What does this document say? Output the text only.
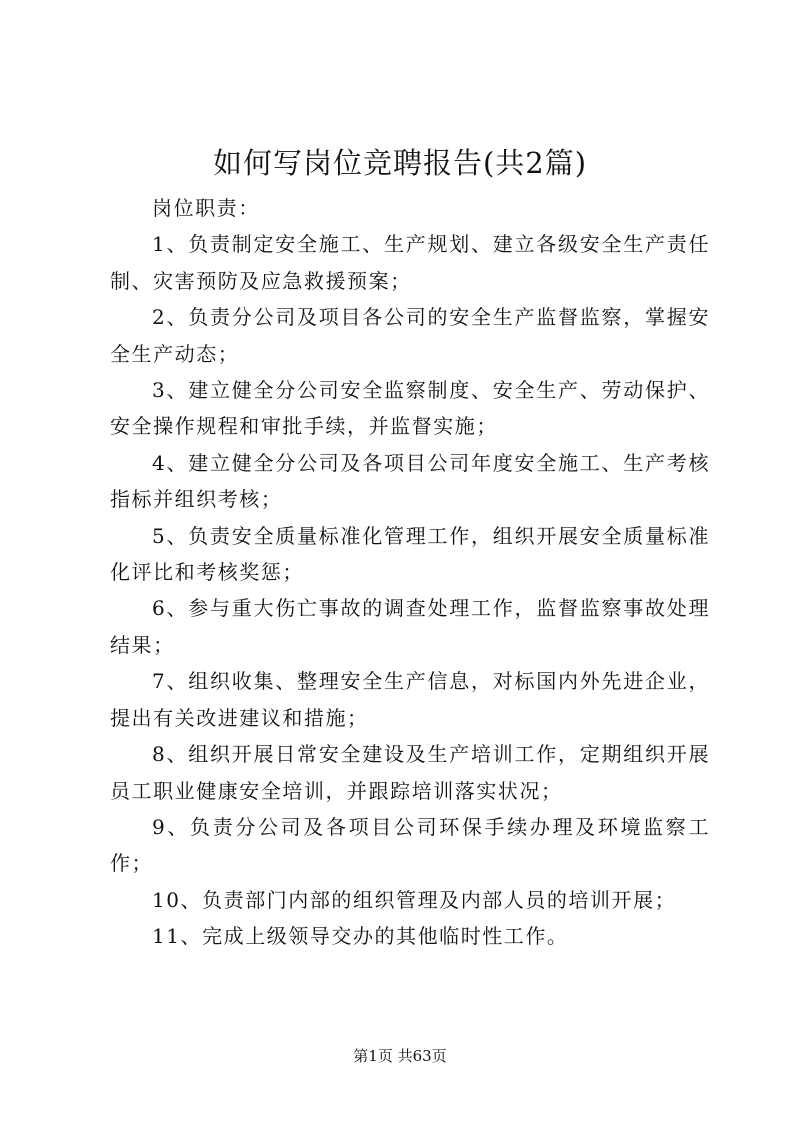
如何写岗位竞聘报告(共2篇)

岗位职责：

1、负责制定安全施工、生产规划、建立各级安全生产责任制、灾害预防及应急救援预案；

2、负责分公司及项目各公司的安全生产监督监察，掌握安全生产动态；

3、建立健全分公司安全监察制度、安全生产、劳动保护、安全操作规程和审批手续，并监督实施；

4、建立健全分公司及各项目公司年度安全施工、生产考核指标并组织考核；

5、负责安全质量标准化管理工作，组织开展安全质量标准化评比和考核奖惩；

6、参与重大伤亡事故的调查处理工作，监督监察事故处理结果；

7、组织收集、整理安全生产信息，对标国内外先进企业，提出有关改进建议和措施；

8、组织开展日常安全建设及生产培训工作，定期组织开展员工职业健康安全培训，并跟踪培训落实状况；

9、负责分公司及各项目公司环保手续办理及环境监察工作；

10、负责部门内部的组织管理及内部人员的培训开展；

11、完成上级领导交办的其他临时性工作。

第1页 共63页
